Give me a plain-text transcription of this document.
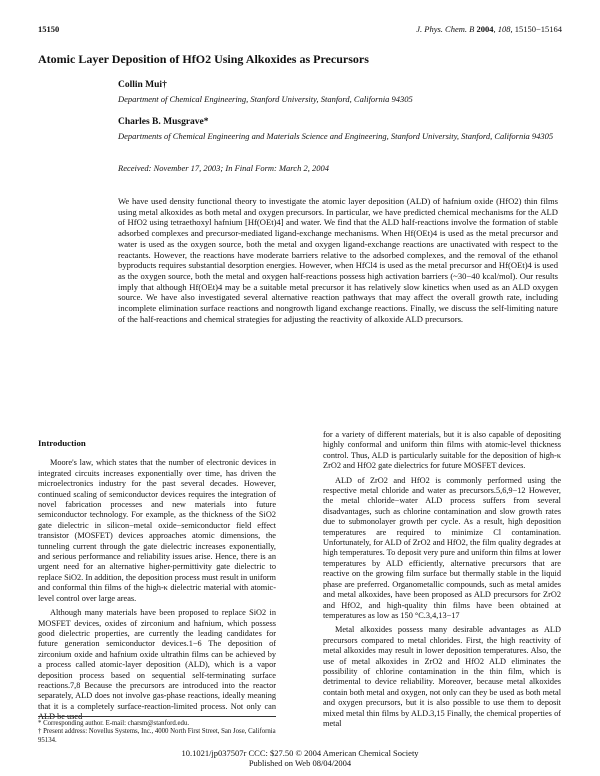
15150	J. Phys. Chem. B 2004, 108, 15150−15164
Atomic Layer Deposition of HfO2 Using Alkoxides as Precursors
Collin Mui†
Department of Chemical Engineering, Stanford University, Stanford, California 94305
Charles B. Musgrave*
Departments of Chemical Engineering and Materials Science and Engineering, Stanford University, Stanford, California 94305
Received: November 17, 2003; In Final Form: March 2, 2004
We have used density functional theory to investigate the atomic layer deposition (ALD) of hafnium oxide (HfO2) thin films using metal alkoxides as both metal and oxygen precursors. In particular, we have predicted chemical mechanisms for the ALD of HfO2 using tetraethoxyl hafnium [Hf(OEt)4] and water. We find that the ALD half-reactions involve the formation of stable adsorbed complexes and precursor-mediated ligand-exchange mechanisms. When Hf(OEt)4 is used as the metal precursor and water is used as the oxygen source, both the metal and oxygen ligand-exchange reactions are unactivated with respect to the reactants. However, the reactions have moderate barriers relative to the adsorbed complexes, and the removal of the ethanol byproducts requires substantial desorption energies. However, when HfCl4 is used as the metal precursor and Hf(OEt)4 is used as the oxygen source, both the metal and oxygen half-reactions possess high activation barriers (~30−40 kcal/mol). Our results imply that although Hf(OEt)4 may be a suitable metal precursor it has relatively slow kinetics when used as an ALD oxygen source. We have also investigated several alternative reaction pathways that may affect the overall growth rate, including incomplete elimination surface reactions and nongrowth ligand exchange reactions. Finally, we discuss the self-limiting nature of the half-reactions and chemical strategies for adjusting the reactivity of alkoxide ALD precursors.
Introduction

Moore's law, which states that the number of electronic devices in integrated circuits increases exponentially over time, has driven the microelectronics industry for the past several decades. However, continued scaling of semiconductor devices requires the integration of novel fabrication processes and new materials into future semiconductor technology. For example, as the thickness of the SiO2 gate dielectric in silicon−metal oxide−semiconductor field effect transistor (MOSFET) devices approaches atomic dimensions, the tunneling current through the gate dielectric increases exponentially, and serious performance and reliability issues arise. Hence, there is an urgent need for an alternative higher-permittivity gate dielectric to replace SiO2. In addition, the deposition process must result in uniform and conformal thin films of the high-κ dielectric material with atomic-level control over large areas.

Although many materials have been proposed to replace SiO2 in MOSFET devices, oxides of zirconium and hafnium, which possess good dielectric properties, are currently the leading candidates for future generation semiconductor devices.1−6 The deposition of zirconium oxide and hafnium oxide ultrathin films can be achieved by a process called atomic-layer deposition (ALD), which is a vapor deposition process based on sequential self-terminating surface reactions.7,8 Because the precursors are introduced into the reactor separately, ALD does not involve gas-phase reactions, ideally meaning that it is a completely surface-reaction-limited process. Not only can ALD be used

for a variety of different materials, but it is also capable of depositing highly conformal and uniform thin films with atomic-level thickness control. Thus, ALD is particularly suitable for the deposition of high-κ ZrO2 and HfO2 gate dielectrics for future MOSFET devices.

ALD of ZrO2 and HfO2 is commonly performed using the respective metal chloride and water as precursors.5,6,9−12 However, the metal chloride−water ALD process suffers from several disadvantages, such as chlorine contamination and slow growth rates due to submonolayer growth per cycle. As a result, high deposition temperatures are required to minimize Cl contamination. Unfortunately, for ALD of ZrO2 and HfO2, the film quality degrades at high temperatures. To deposit very pure and uniform thin films at lower temperatures by ALD efficiently, alternative precursors that are reactive on the growing film surface but thermally stable in the liquid phase are preferred. Organometallic compounds, such as metal amides and metal alkoxides, have been proposed as ALD precursors for ZrO2 and HfO2, and high-quality thin films have been obtained at temperatures as low as 150 °C.3,4,13−17

Metal alkoxides possess many desirable advantages as ALD precursors compared to metal chlorides. First, the high reactivity of metal alkoxides may result in lower deposition temperatures. Also, the use of metal alkoxides in ZrO2 and HfO2 ALD eliminates the possibility of chlorine contamination in the thin film, which is detrimental to device reliability. Moreover, because metal alkoxides contain both metal and oxygen, not only can they be used as both metal and oxygen precursors, but it is also possible to use them to deposit mixed metal thin films by ALD.3,15 Finally, the chemical properties of metal

* Corresponding author. E-mail: charsm@stanford.edu.
† Present address: Novellus Systems, Inc., 4000 North First Street, San Jose, California 95134.
10.1021/jp037507r CCC: $27.50 © 2004 American Chemical Society
Published on Web 08/04/2004
